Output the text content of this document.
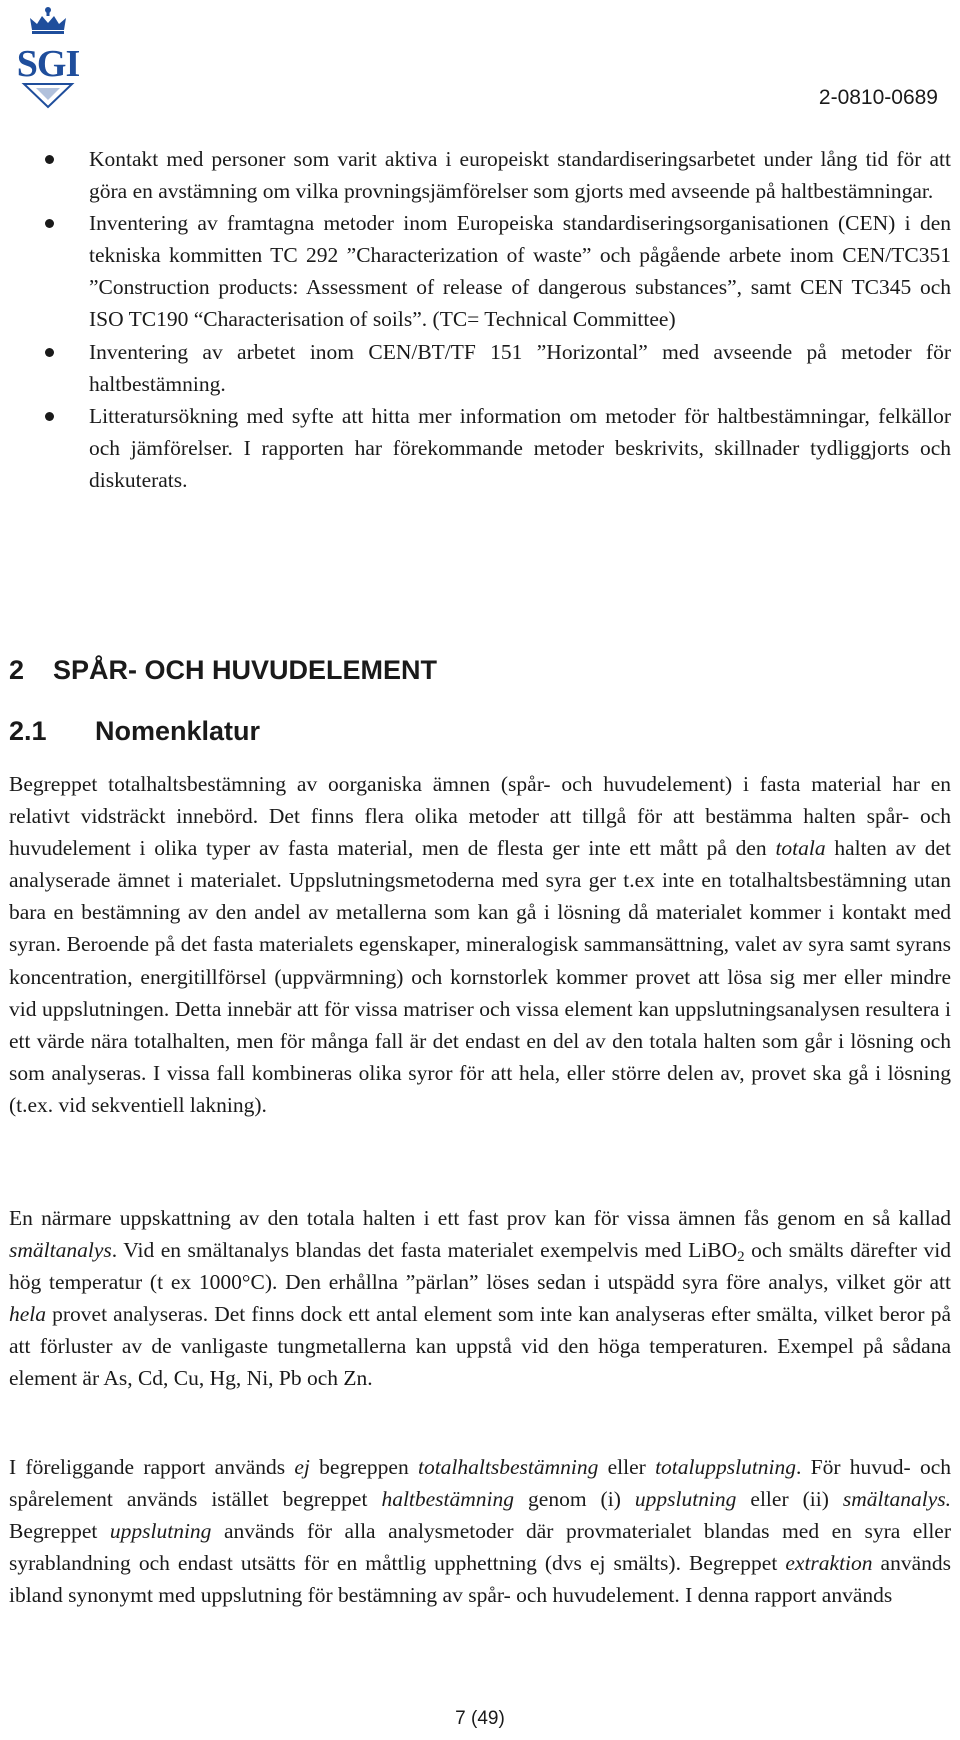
SGI
2-0810-0689
Kontakt med personer som varit aktiva i europeiskt standardiseringsarbetet under lång tid för att göra en avstämning om vilka provningsjämförelser som gjorts med avseende på haltbestämningar.
Inventering av framtagna metoder inom Europeiska standardiseringsorganisationen (CEN) i den tekniska kommitten TC 292 ”Characterization of waste” och pågående arbete inom CEN/TC351 ”Construction products: Assessment of release of dangerous substances”, samt CEN TC345 och ISO TC190 “Characterisation of soils”. (TC= Technical Committee)
Inventering av arbetet inom CEN/BT/TF 151 ”Horizontal” med avseende på metoder för haltbestämning.
Litteratursökning med syfte att hitta mer information om metoder för haltbestämningar, felkällor och jämförelser. I rapporten har förekommande metoder beskrivits, skillnader tydliggjorts och diskuterats.
2 SPÅR- OCH HUVUDELEMENT
2.1 Nomenklatur

Begreppet totalhaltsbestämning av oorganiska ämnen (spår- och huvudelement) i fasta material har en relativt vidsträckt innebörd. Det finns flera olika metoder att tillgå för att bestämma halten spår- och huvudelement i olika typer av fasta material, men de flesta ger inte ett mått på den totala halten av det analyserade ämnet i materialet. Uppslutningsmetoderna med syra ger t.ex inte en totalhaltsbestämning utan bara en bestämning av den andel av metallerna som kan gå i lösning då materialet kommer i kontakt med syran. Beroende på det fasta materialets egenskaper, mineralogisk sammansättning, valet av syra samt syrans koncentration, energitillförsel (uppvärmning) och kornstorlek kommer provet att lösa sig mer eller mindre vid uppslutningen. Detta innebär att för vissa matriser och vissa element kan uppslutningsanalysen resultera i ett värde nära totalhalten, men för många fall är det endast en del av den totala halten som går i lösning och som analyseras. I vissa fall kombineras olika syror för att hela, eller större delen av, provet ska gå i lösning (t.ex. vid sekventiell lakning).

En närmare uppskattning av den totala halten i ett fast prov kan för vissa ämnen fås genom en så kallad smältanalys. Vid en smältanalys blandas det fasta materialet exempelvis med LiBO$_2$ och smälts därefter vid hög temperatur (t ex 1000°C). Den erhållna ”pärlan” löses sedan i utspädd syra före analys, vilket gör att hela provet analyseras. Det finns dock ett antal element som inte kan analyseras efter smälta, vilket beror på att förluster av de vanligaste tungmetallerna kan uppstå vid den höga temperaturen. Exempel på sådana element är As, Cd, Cu, Hg, Ni, Pb och Zn.

I föreliggande rapport används ej begreppen totalhaltsbestämning eller totaluppslutning. För huvud- och spårelement används istället begreppet haltbestämning genom (i) uppslutning eller (ii) smältanalys. Begreppet uppslutning används för alla analysmetoder där provmaterialet blandas med en syra eller syrablandning och endast utsätts för en måttlig upphettning (dvs ej smälts). Begreppet extraktion används ibland synonymt med uppslutning för bestämning av spår- och huvudelement. I denna rapport används

7 (49)
